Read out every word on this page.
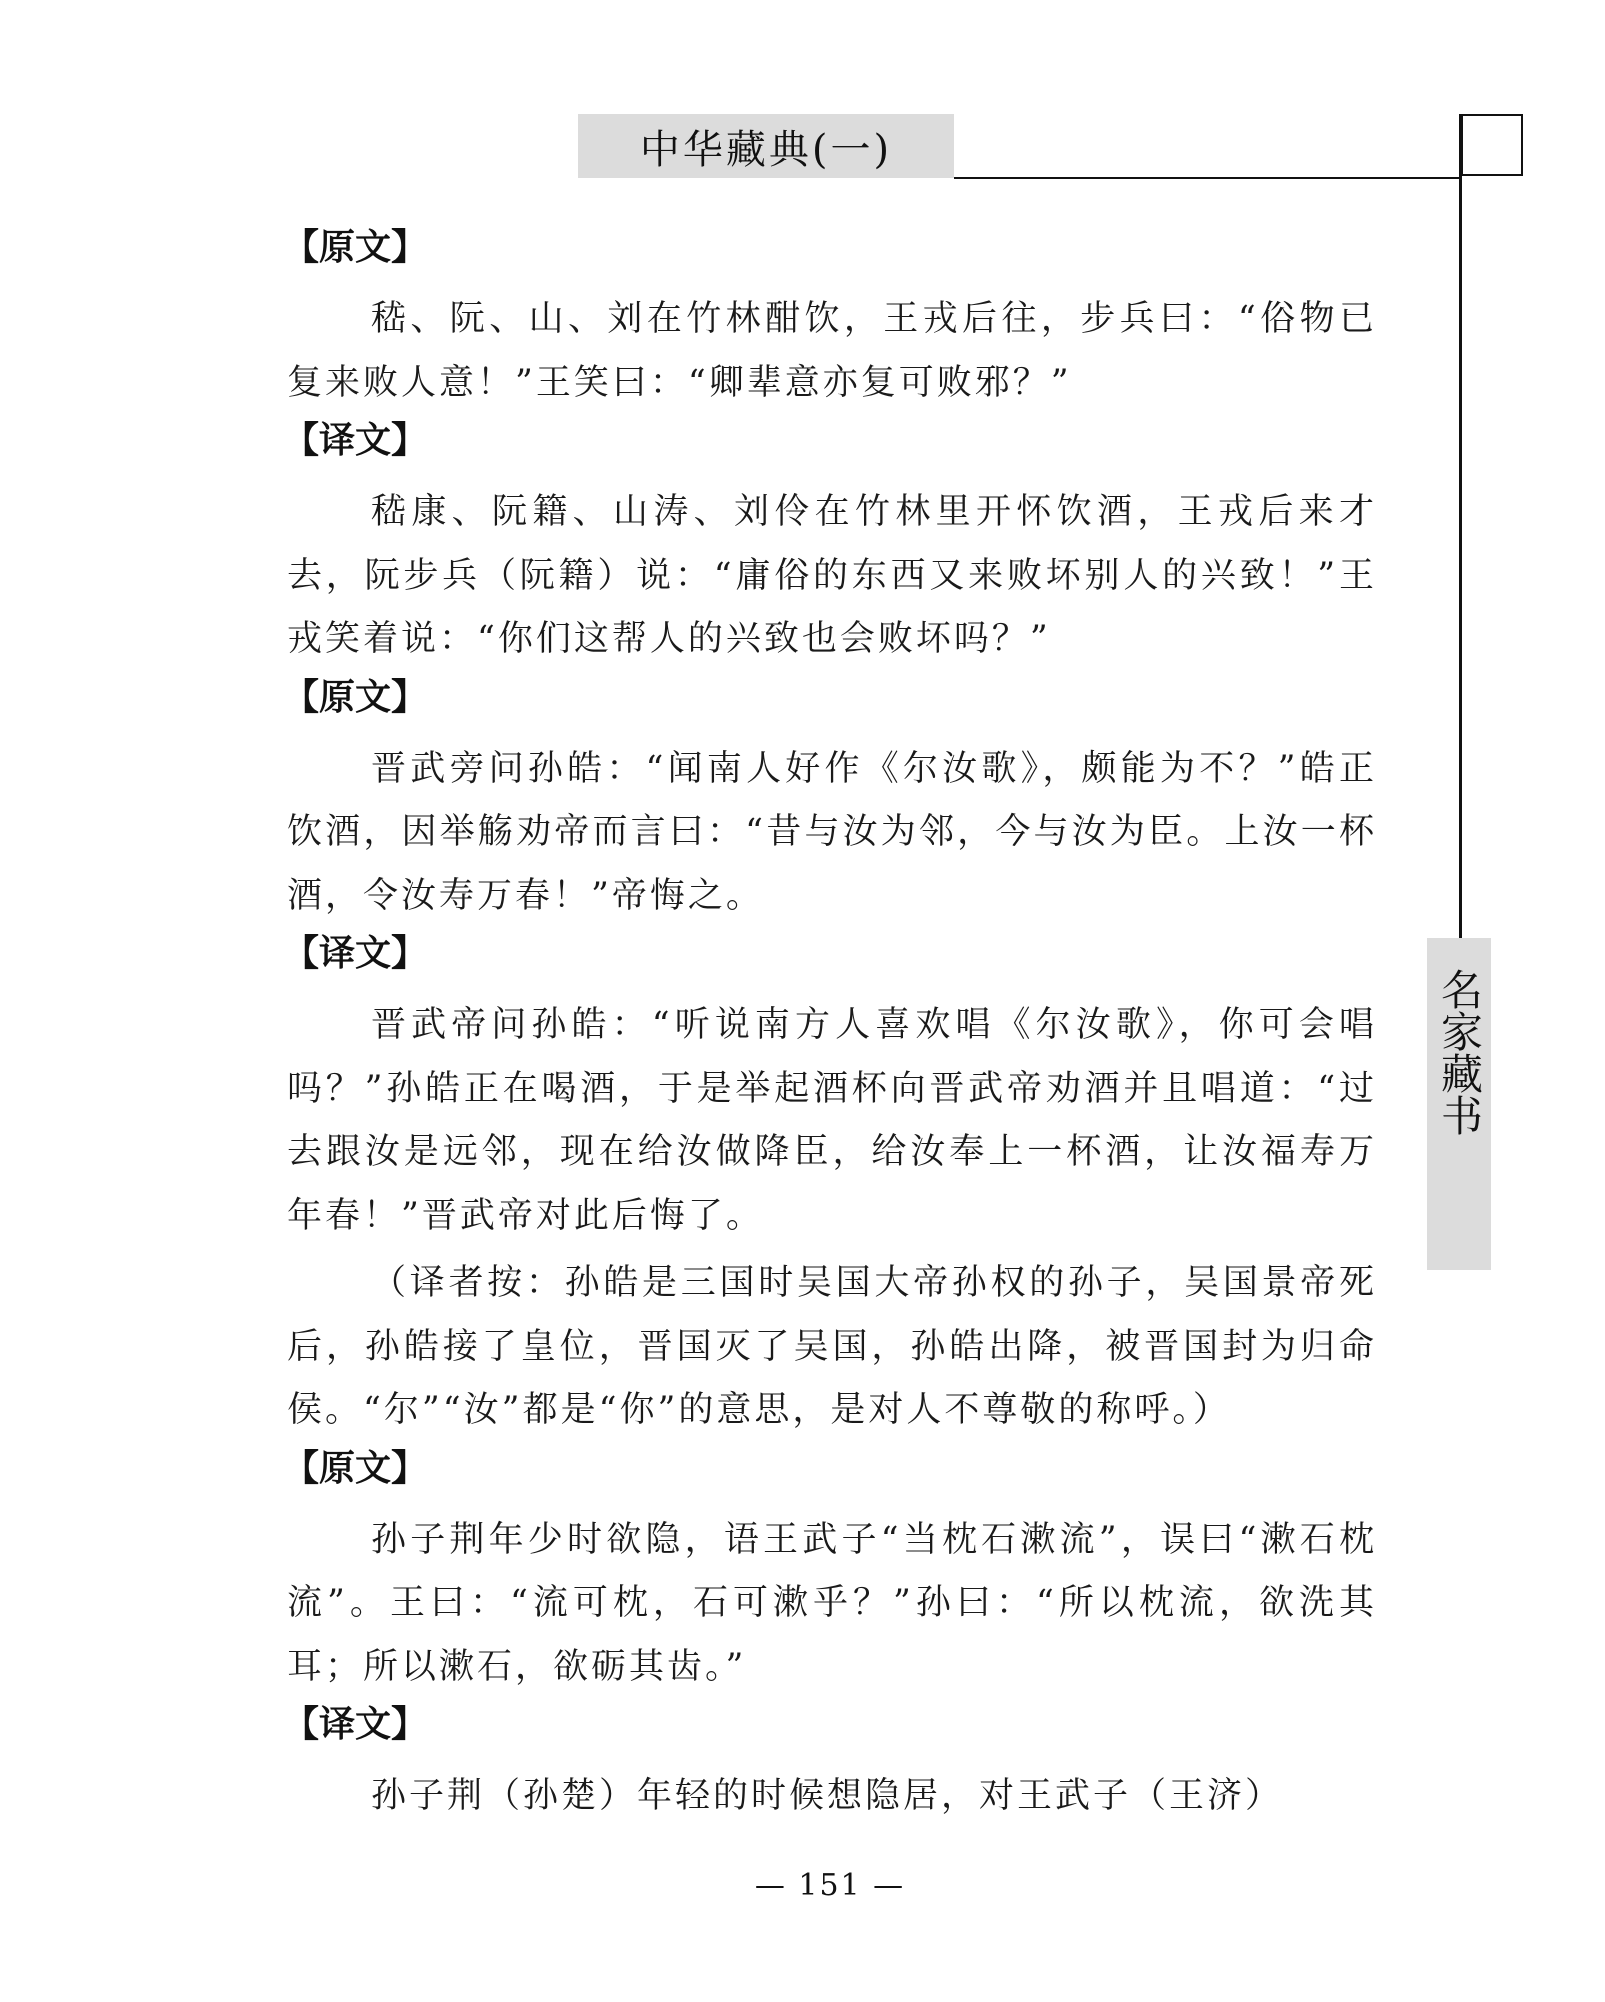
中华藏典(一)
名家藏书
【原文】

嵇、阮、山、刘在竹林酣饮，王戎后往，步兵曰：“俗物已复来败人意！”王笑曰：“卿辈意亦复可败邪？”

【译文】

嵇康、阮籍、山涛、刘伶在竹林里开怀饮酒，王戎后来才去，阮步兵（阮籍）说：“庸俗的东西又来败坏别人的兴致！”王戎笑着说：“你们这帮人的兴致也会败坏吗？”

【原文】

晋武旁问孙皓：“闻南人好作《尔汝歌》，颇能为不？”皓正饮酒，因举觞劝帝而言曰：“昔与汝为邻，今与汝为臣。上汝一杯酒，令汝寿万春！”帝悔之。

【译文】

晋武帝问孙皓：“听说南方人喜欢唱《尔汝歌》，你可会唱吗？”孙皓正在喝酒，于是举起酒杯向晋武帝劝酒并且唱道：“过去跟汝是远邻，现在给汝做降臣，给汝奉上一杯酒，让汝福寿万年春！”晋武帝对此后悔了。

（译者按：孙皓是三国时吴国大帝孙权的孙子，吴国景帝死后，孙皓接了皇位，晋国灭了吴国，孙皓出降，被晋国封为归命侯。“尔”“汝”都是“你”的意思，是对人不尊敬的称呼。）

【原文】

孙子荆年少时欲隐，语王武子“当枕石漱流”，误曰“漱石枕流”。王曰：“流可枕，石可漱乎？”孙曰：“所以枕流，欲洗其耳；所以漱石，欲砺其齿。”

【译文】

孙子荆（孙楚）年轻的时候想隐居，对王武子（王济）

— 151 —
